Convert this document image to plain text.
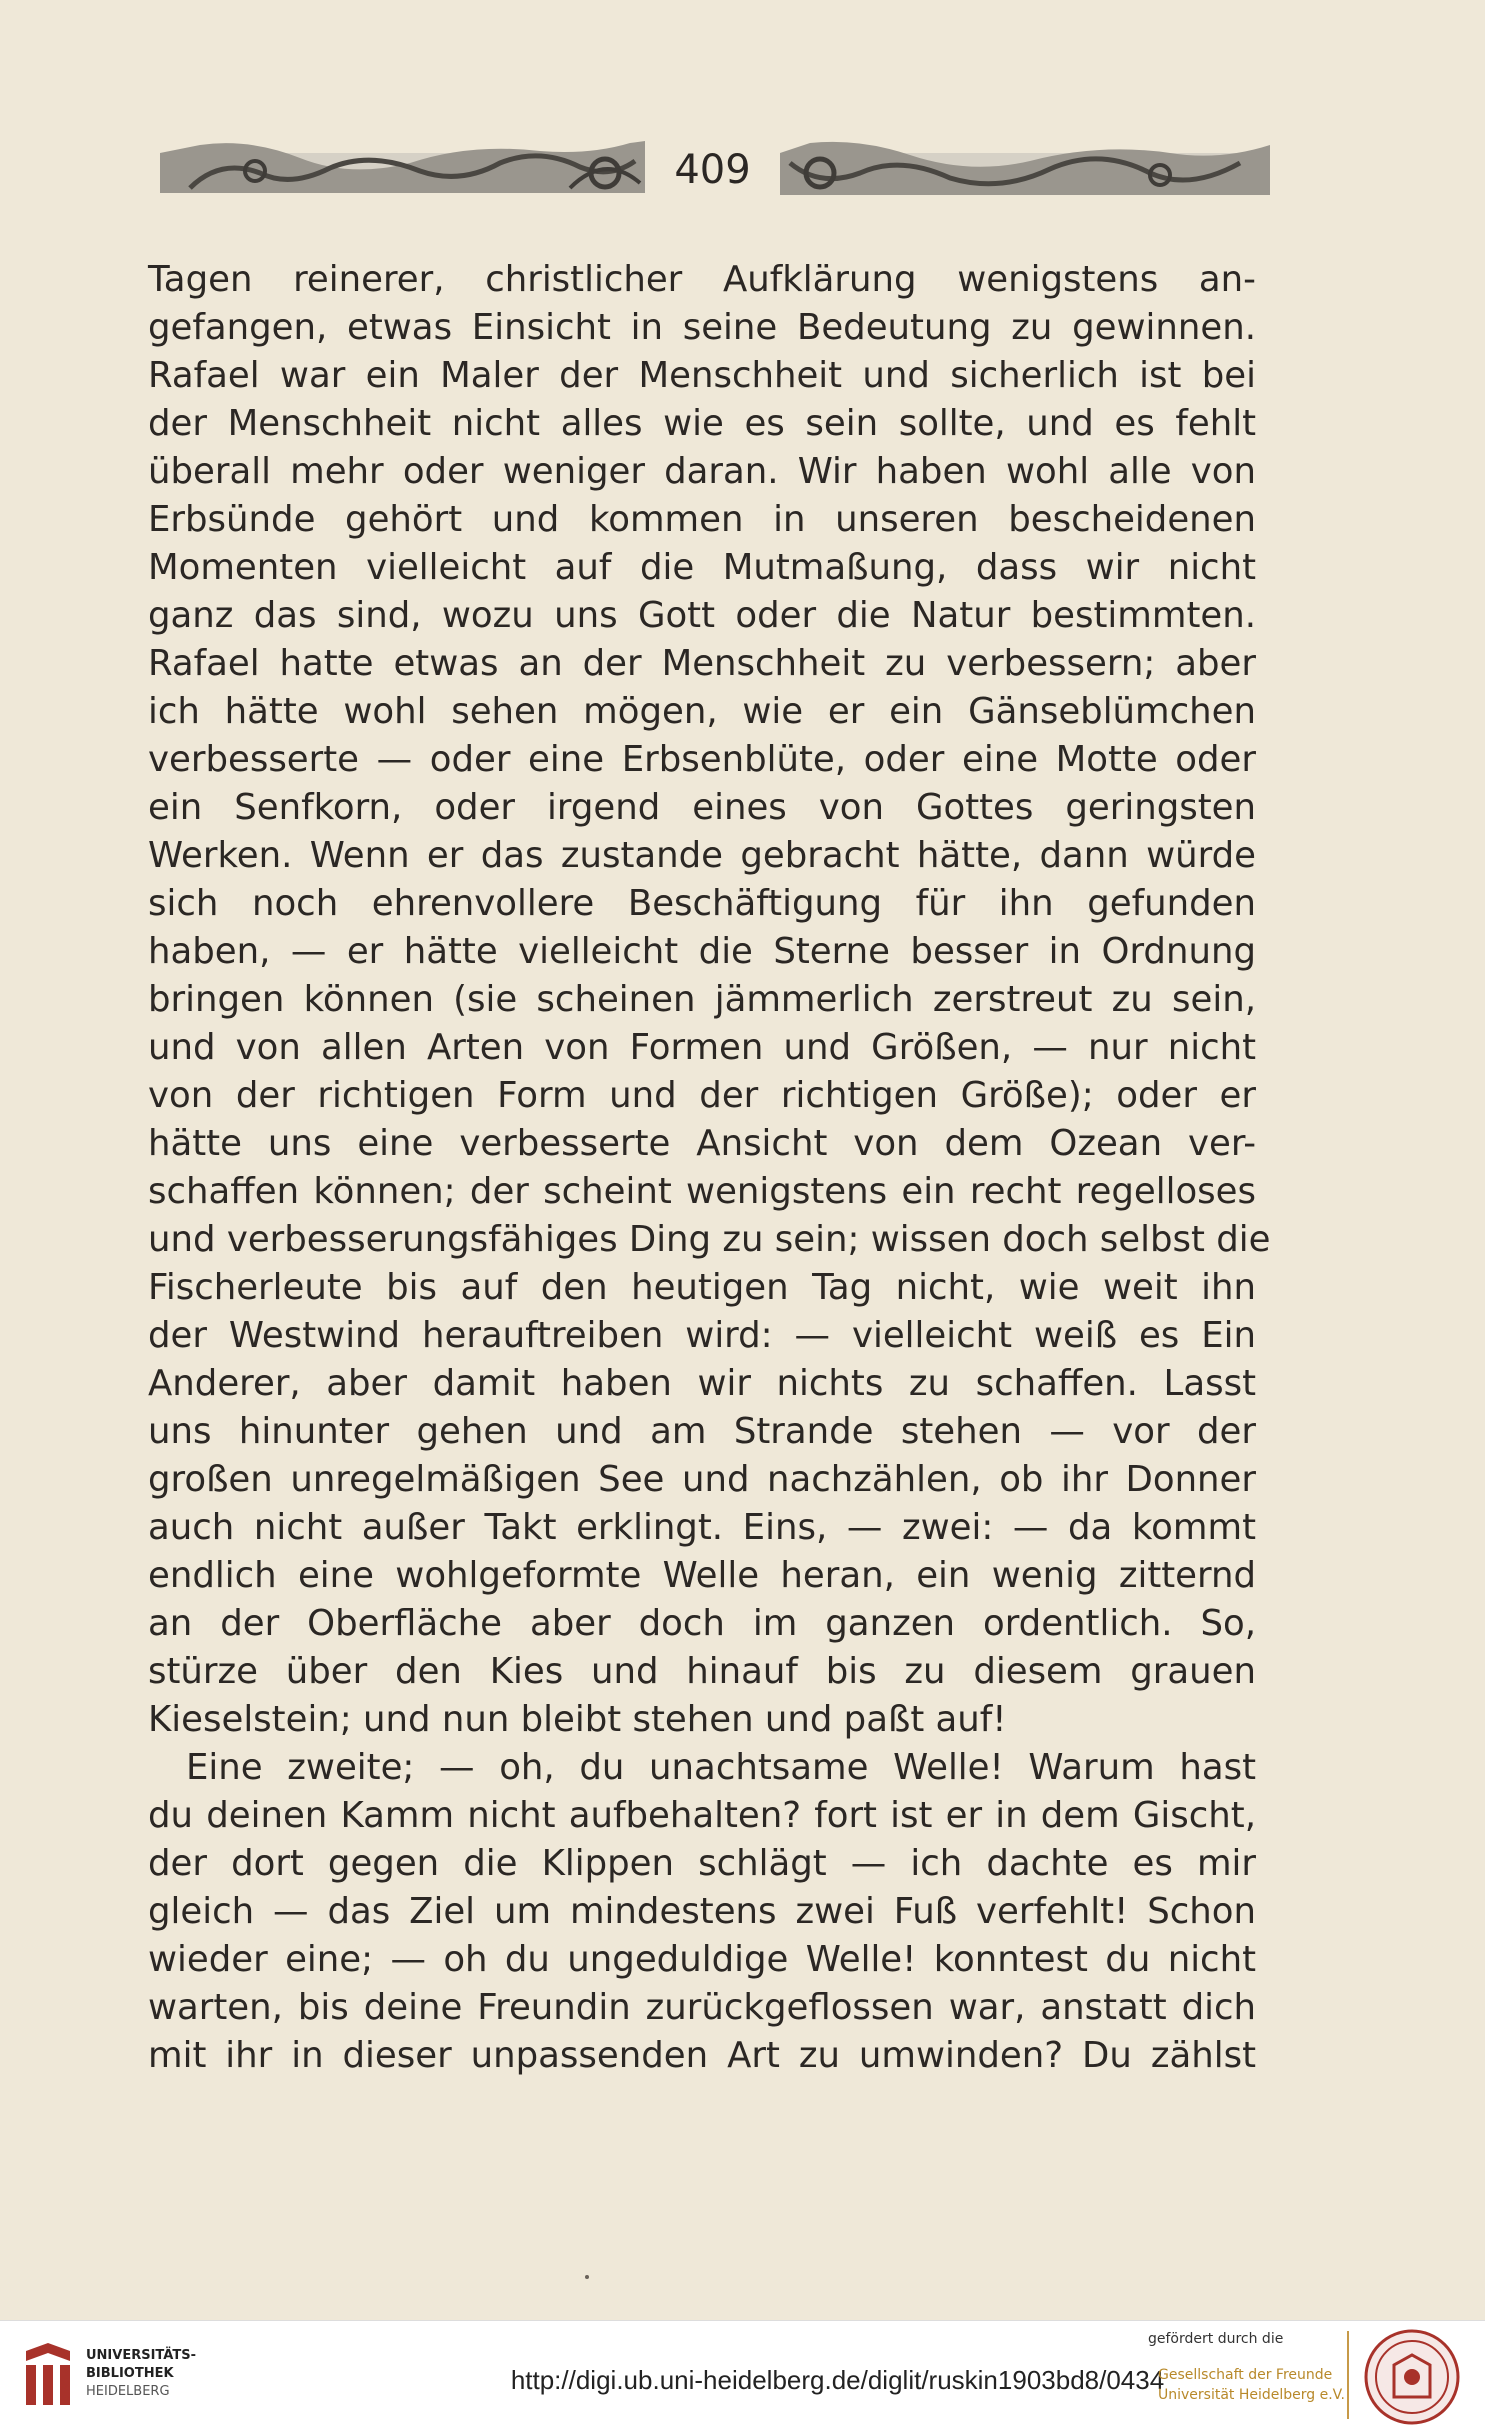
409
Tagen reinerer, christlicher Aufklärung wenigstens an-
gefangen, etwas Einsicht in seine Bedeutung zu gewinnen.
Rafael war ein Maler der Menschheit und sicherlich ist bei
der Menschheit nicht alles wie es sein sollte, und es fehlt
überall mehr oder weniger daran. Wir haben wohl alle von
Erbsünde gehört und kommen in unseren bescheidenen
Momenten vielleicht auf die Mutmaßung, dass wir nicht
ganz das sind, wozu uns Gott oder die Natur bestimmten.
Rafael hatte etwas an der Menschheit zu verbessern; aber
ich hätte wohl sehen mögen, wie er ein Gänseblümchen
verbesserte — oder eine Erbsenblüte, oder eine Motte oder
ein Senfkorn, oder irgend eines von Gottes geringsten
Werken. Wenn er das zustande gebracht hätte, dann würde
sich noch ehrenvollere Beschäftigung für ihn gefunden
haben, — er hätte vielleicht die Sterne besser in Ordnung
bringen können (sie scheinen jämmerlich zerstreut zu sein,
und von allen Arten von Formen und Größen, — nur nicht
von der richtigen Form und der richtigen Größe); oder er
hätte uns eine verbesserte Ansicht von dem Ozean ver-
schaffen können; der scheint wenigstens ein recht regelloses
und verbesserungsfähiges Ding zu sein; wissen doch selbst die
Fischerleute bis auf den heutigen Tag nicht, wie weit ihn
der Westwind herauftreiben wird: — vielleicht weiß es Ein
Anderer, aber damit haben wir nichts zu schaffen. Lasst
uns hinunter gehen und am Strande stehen — vor der
großen unregelmäßigen See und nachzählen, ob ihr Donner
auch nicht außer Takt erklingt. Eins, — zwei: — da kommt
endlich eine wohlgeformte Welle heran, ein wenig zitternd
an der Oberfläche aber doch im ganzen ordentlich. So,
stürze über den Kies und hinauf bis zu diesem grauen
Kieselstein; und nun bleibt stehen und paßt auf!
Eine zweite; — oh, du unachtsame Welle! Warum hast
du deinen Kamm nicht aufbehalten? fort ist er in dem Gischt,
der dort gegen die Klippen schlägt — ich dachte es mir
gleich — das Ziel um mindestens zwei Fuß verfehlt! Schon
wieder eine; — oh du ungeduldige Welle! konntest du nicht
warten, bis deine Freundin zurückgeflossen war, anstatt dich
mit ihr in dieser unpassenden Art zu umwinden? Du zählst
UNIVERSITÄTS-
BIBLIOTHEK
HEIDELBERG	http://digi.ub.uni-heidelberg.de/diglit/ruskin1903bd8/0434
gefördert durch die
Gesellschaft der Freunde
Universität Heidelberg e.V.
